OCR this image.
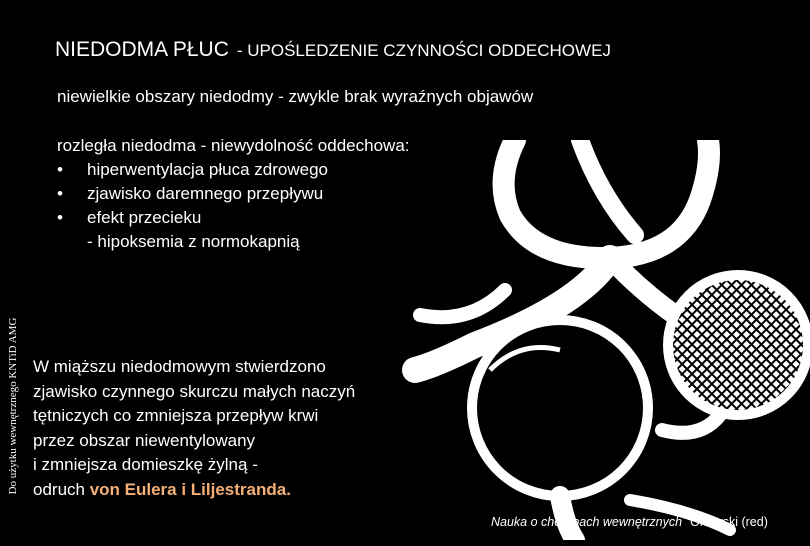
NIEDODMA PŁUC - UPOŚLEDZENIE CZYNNOŚCI ODDECHOWEJ
niewielkie obszary niedodmy - zwykle brak wyraźnych objawów
rozległa niedodma - niewydolność oddechowa:
•	hiperwentylacja płuca zdrowego
•	zjawisko daremnego przepływu
•	efekt przecieku
- hipoksemia z normokapnią
Do użytku wewnętrznego KNTiD AMG W miąższu niedodmowym stwierdzono
zjawisko czynnego skurczu małych naczyń
tętniczych co zmniejsza przepływ krwi
przez obszar niewentylowany
i zmniejsza domieszkę żylną -
odruch von Eulera i Liljestranda.
Nauka o chorobach wewnętrznych Orłowski (red)
